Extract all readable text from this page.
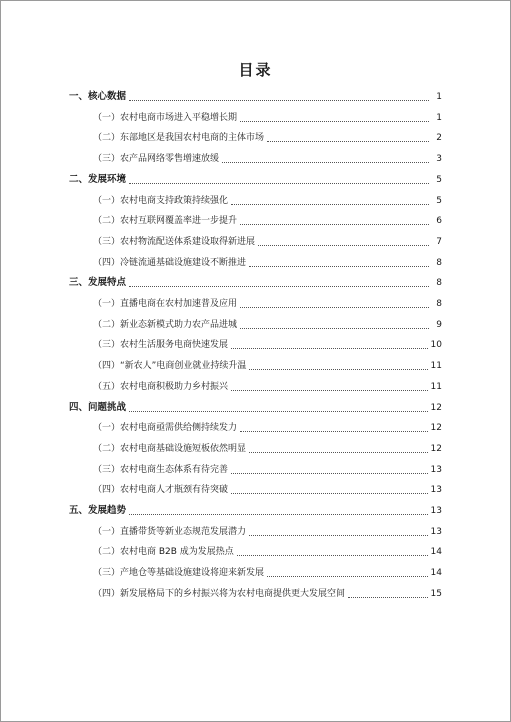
目录
一、核心数据	1
（一）农村电商市场进入平稳增长期	1
（二）东部地区是我国农村电商的主体市场	2
（三）农产品网络零售增速放缓	3
二、发展环境	5
（一）农村电商支持政策持续强化	5
（二）农村互联网覆盖率进一步提升	6
（三）农村物流配送体系建设取得新进展	7
（四）冷链流通基础设施建设不断推进	8
三、发展特点	8
（一）直播电商在农村加速普及应用	8
（二）新业态新模式助力农产品进城	9
（三）农村生活服务电商快速发展	10
（四）“新农人”电商创业就业持续升温	11
（五）农村电商积极助力乡村振兴	11
四、问题挑战	12
（一）农村电商亟需供给侧持续发力	12
（二）农村电商基础设施短板依然明显	12
（三）农村电商生态体系有待完善	13
（四）农村电商人才瓶颈有待突破	13
五、发展趋势	13
（一）直播带货等新业态规范发展潜力	13
（二）农村电商 B2B 成为发展热点	14
（三）产地仓等基础设施建设将迎来新发展	14
（四）新发展格局下的乡村振兴将为农村电商提供更大发展空间	15
